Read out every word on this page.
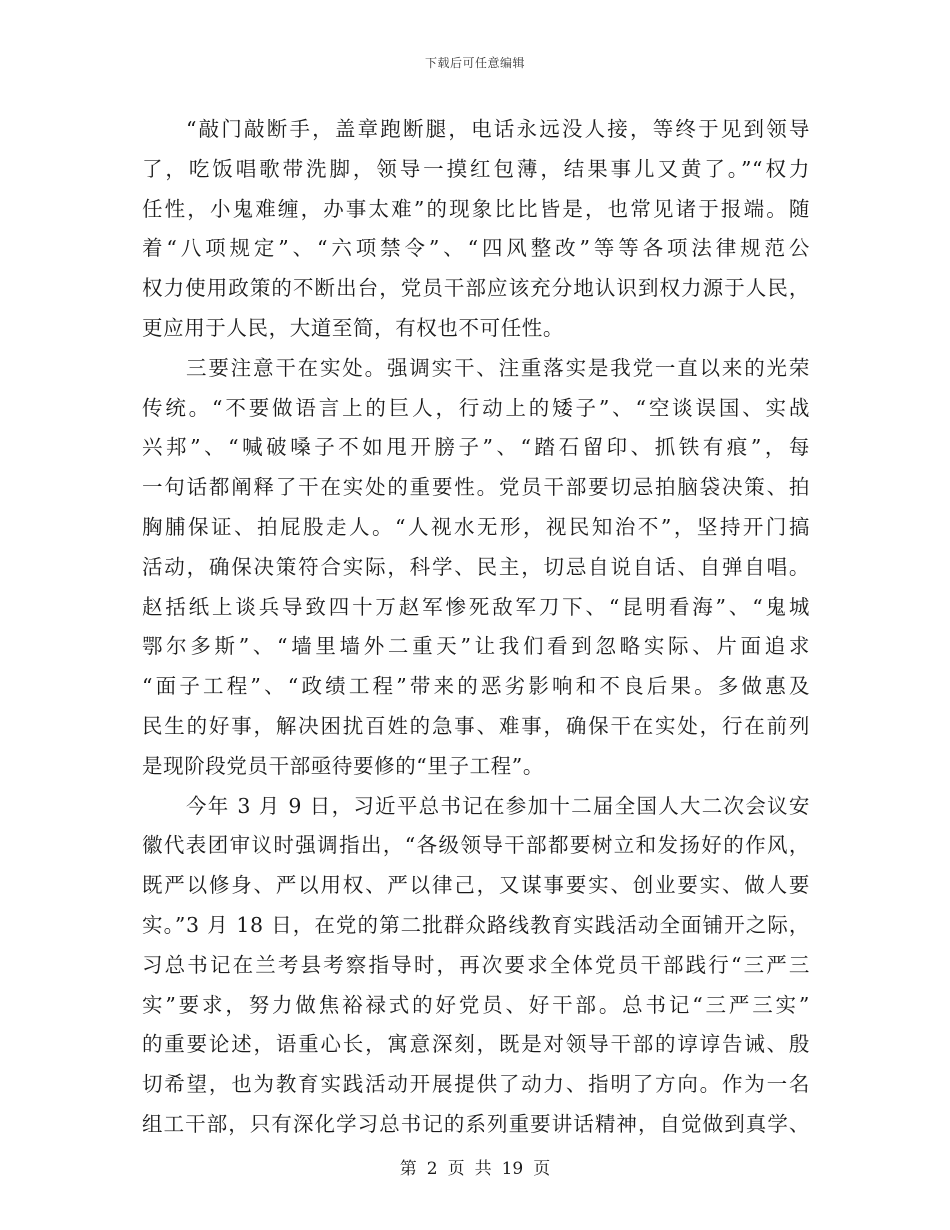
下载后可任意编辑
“敲门敲断手，盖章跑断腿，电话永远没人接，等终于见到领导
了，吃饭唱歌带洗脚，领导一摸红包薄，结果事儿又黄了。”“权力
任性，小鬼难缠，办事太难”的现象比比皆是，也常见诸于报端。随
着“八项规定”、“六项禁令”、“四风整改”等等各项法律规范公
权力使用政策的不断出台，党员干部应该充分地认识到权力源于人民，
更应用于人民，大道至简，有权也不可任性。
三要注意干在实处。强调实干、注重落实是我党一直以来的光荣
传统。“不要做语言上的巨人，行动上的矮子”、“空谈误国、实战
兴邦”、“喊破嗓子不如甩开膀子”、“踏石留印、抓铁有痕”，每
一句话都阐释了干在实处的重要性。党员干部要切忌拍脑袋决策、拍
胸脯保证、拍屁股走人。“人视水无形，视民知治不”，坚持开门搞
活动，确保决策符合实际，科学、民主，切忌自说自话、自弹自唱。
赵括纸上谈兵导致四十万赵军惨死敌军刀下、“昆明看海”、“鬼城
鄂尔多斯”、“墙里墙外二重天”让我们看到忽略实际、片面追求
“面子工程”、“政绩工程”带来的恶劣影响和不良后果。多做惠及
民生的好事，解决困扰百姓的急事、难事，确保干在实处，行在前列
是现阶段党员干部亟待要修的“里子工程”。
今年 3 月 9 日，习近平总书记在参加十二届全国人大二次会议安
徽代表团审议时强调指出，“各级领导干部都要树立和发扬好的作风，
既严以修身、严以用权、严以律己，又谋事要实、创业要实、做人要
实。”3 月 18 日，在党的第二批群众路线教育实践活动全面铺开之际，
习总书记在兰考县考察指导时，再次要求全体党员干部践行“三严三
实”要求，努力做焦裕禄式的好党员、好干部。总书记“三严三实”
的重要论述，语重心长，寓意深刻，既是对领导干部的谆谆告诫、殷
切希望，也为教育实践活动开展提供了动力、指明了方向。作为一名
组工干部，只有深化学习总书记的系列重要讲话精神，自觉做到真学、
第 2 页 共 19 页
